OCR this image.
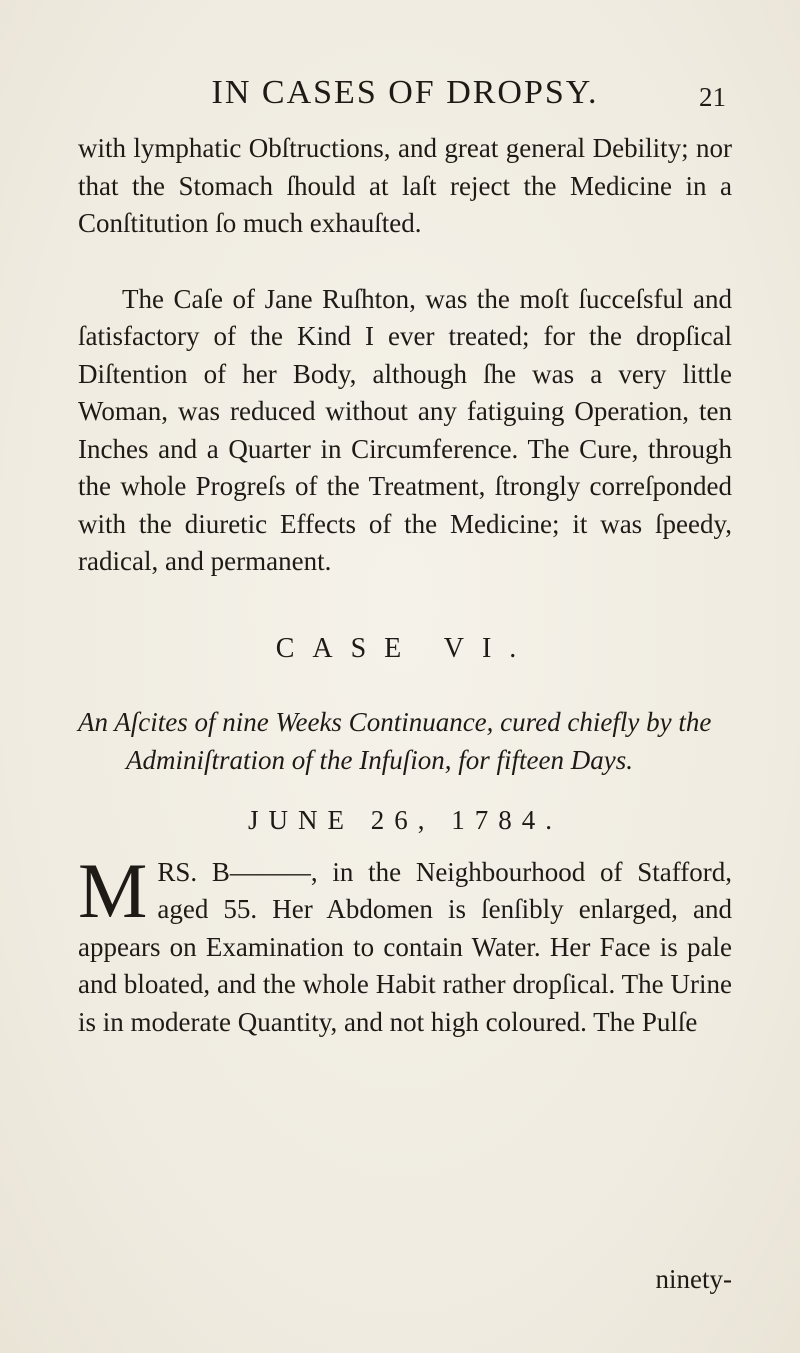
IN CASES OF DROPSY.	21

with lymphatic Obſtructions, and great general Debility; nor that the Stomach ſhould at laſt reject the Medicine in a Conſtitution ſo much exhauſted.

The Caſe of Jane Ruſhton, was the moſt ſucceſsful and ſatisfactory of the Kind I ever treated; for the dropſical Diſtention of her Body, although ſhe was a very little Woman, was reduced without any fatiguing Operation, ten Inches and a Quarter in Circumference. The Cure, through the whole Progreſs of the Treatment, ſtrongly correſponded with the diuretic Effects of the Medicine; it was ſpeedy, radical, and permanent.

CASE VI.

An Aſcites of nine Weeks Continuance, cured chiefly by the Adminiſtration of the Infuſion, for fifteen Days.

JUNE 26, 1784.
M RS. B———, in the Neighbourhood of Stafford, aged 55. Her Abdomen is ſenſibly enlarged, and appears on Examination to contain Water. Her Face is pale and bloated, and the whole Habit rather dropſical. The Urine is in moderate Quantity, and not high coloured. The Pulſe
ninety-
